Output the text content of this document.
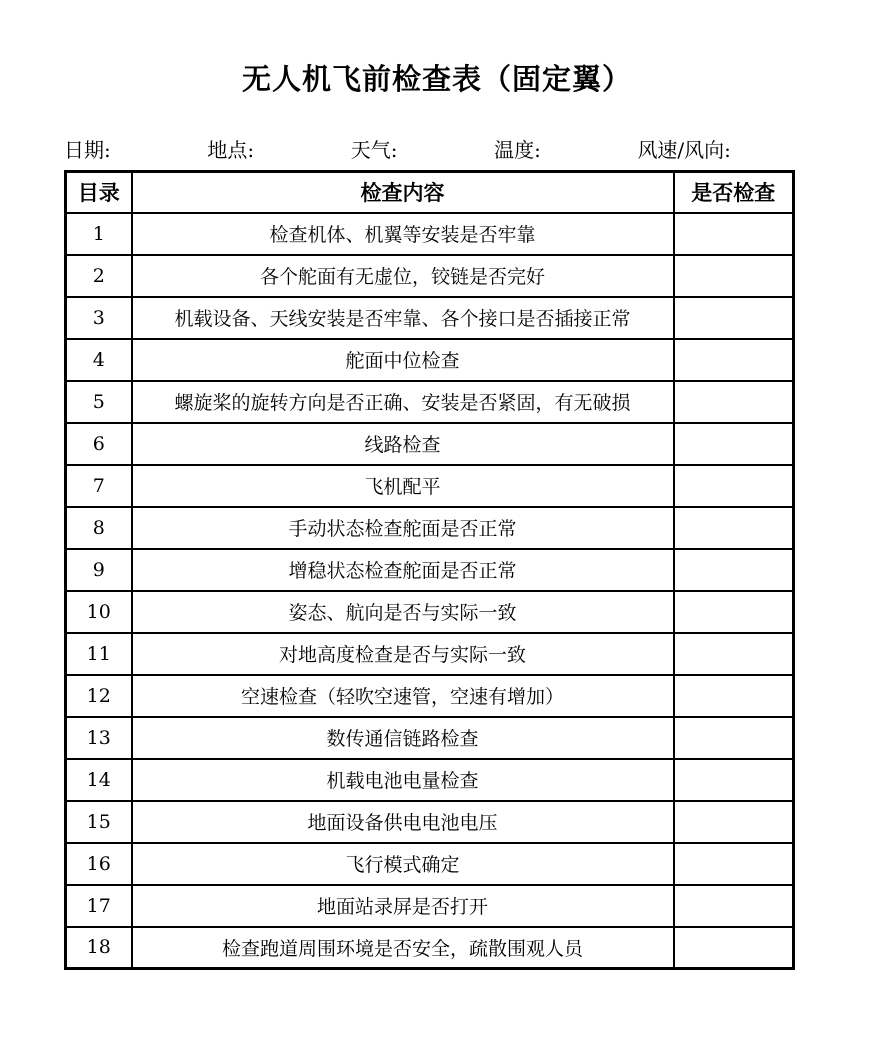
无人机飞前检查表（固定翼）
日期:	地点:	天气:	温度:	风速/风向:
目录	检查内容	是否检查
1	检查机体、机翼等安装是否牢靠	
2	各个舵面有无虚位，铰链是否完好	
3	机载设备、天线安装是否牢靠、各个接口是否插接正常	
4	舵面中位检查	
5	螺旋桨的旋转方向是否正确、安装是否紧固，有无破损	
6	线路检查	
7	飞机配平	
8	手动状态检查舵面是否正常	
9	增稳状态检查舵面是否正常	
10	姿态、航向是否与实际一致	
11	对地高度检查是否与实际一致	
12	空速检查（轻吹空速管，空速有增加）	
13	数传通信链路检查	
14	机载电池电量检查	
15	地面设备供电电池电压	
16	飞行模式确定	
17	地面站录屏是否打开	
18	检查跑道周围环境是否安全，疏散围观人员	
